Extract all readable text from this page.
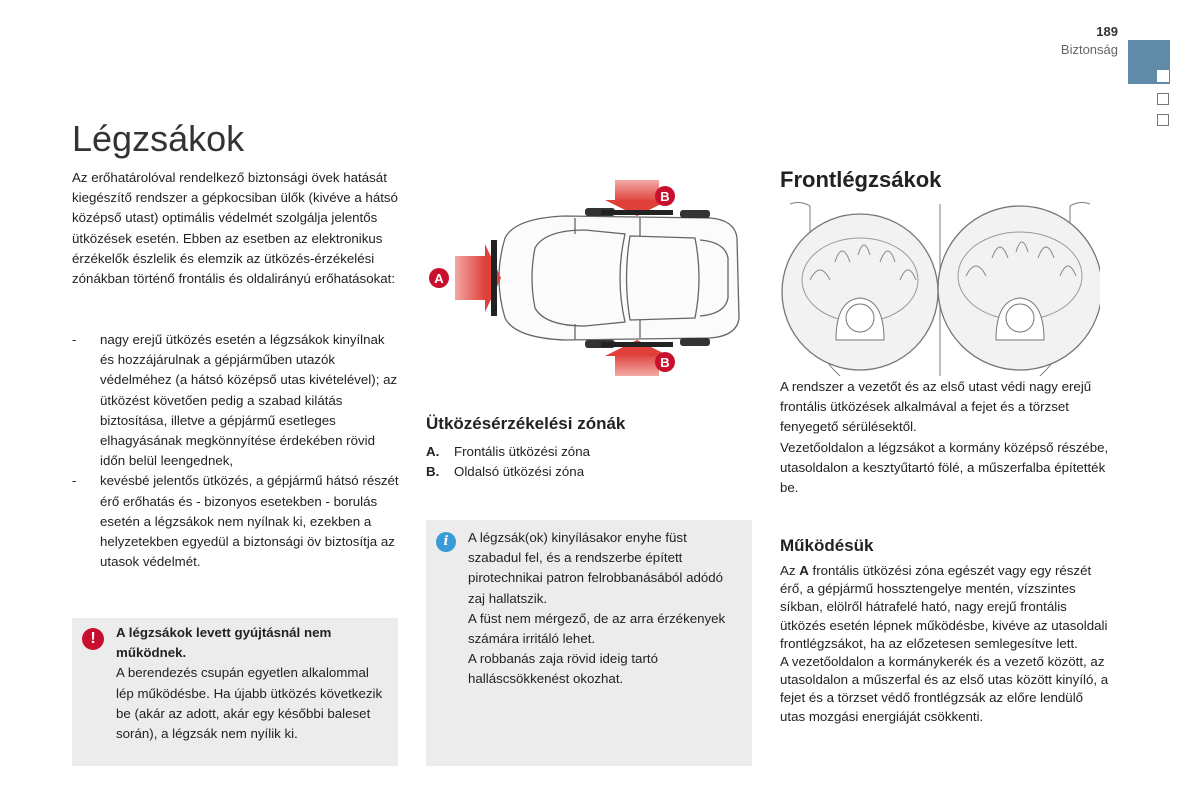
189
Biztonság
Légzsákok
Az erőhatárolóval rendelkező biztonsági övek hatását kiegészítő rendszer a gépkocsiban ülők (kivéve a hátsó középső utast) optimális védelmét szolgálja jelentős ütközések esetén. Ebben az esetben az elektronikus érzékelők észlelik és elemzik az ütközés-érzékelési zónákban történő frontális és oldalirányú erőhatásokat:
- nagy erejű ütközés esetén a légzsákok kinyílnak és hozzájárulnak a gépjárműben utazók védelméhez (a hátsó középső utas kivételével); az ütközést követően pedig a szabad kilátás biztosítása, illetve a gépjármű esetleges elhagyásának megkönnyítése érdekében rövid időn belül leengednek,
- kevésbé jelentős ütközés, a gépjármű hátsó részét érő erőhatás és - bizonyos esetekben - borulás esetén a légzsákok nem nyílnak ki, ezekben a helyzetekben egyedül a biztonsági öv biztosítja az utasok védelmét.
!	A légzsákok levett gyújtásnál nem működnek.
A berendezés csupán egyetlen alkalommal lép működésbe. Ha újabb ütközés következik be (akár az adott, akár egy későbbi baleset során), a légzsák nem nyílik ki.
A
B
B
Ütközésérzékelési zónák
A. Frontális ütközési zóna
B. Oldalsó ütközési zóna
i	A légzsák(ok) kinyílásakor enyhe füst szabadul fel, és a rendszerbe épített pirotechnikai patron felrobbanásából adódó zaj hallatszik.
A füst nem mérgező, de az arra érzékenyek számára irritáló lehet.
A robbanás zaja rövid ideig tartó halláscsökkenést okozhat.
Frontlégzsákok
A rendszer a vezetőt és az első utast védi nagy erejű frontális ütközések alkalmával a fejet és a törzset fenyegető sérülésektől.
Vezetőoldalon a légzsákot a kormány középső részébe, utasoldalon a kesztyűtartó fölé, a műszerfalba építették be.
Működésük
Az A frontális ütközési zóna egészét vagy egy részét érő, a gépjármű hossztengelye mentén, vízszintes síkban, elölről hátrafelé ható, nagy erejű frontális ütközés esetén lépnek működésbe, kivéve az utasoldali frontlégzsákot, ha az előzetesen semlegesítve lett.
A vezetőoldalon a kormánykerék és a vezető között, az utasoldalon a műszerfal és az első utas között kinyíló, a fejet és a törzset védő frontlégzsák az előre lendülő utas mozgási energiáját csökkenti.
